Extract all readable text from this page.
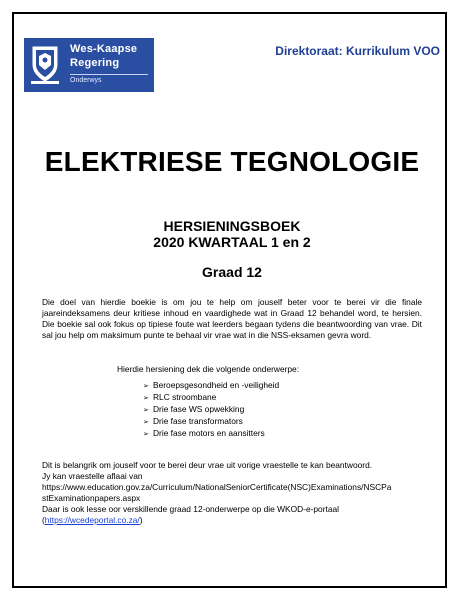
Wes-Kaapse
Regering
Onderwys
Direktoraat: Kurrikulum VOO
ELEKTRIESE TEGNOLOGIE
HERSIENINGSBOEK
2020 KWARTAAL 1 en 2
Graad 12

Die doel van hierdie boekie is om jou te help om jouself beter voor te berei vir die finale jaareindeksamens deur kritiese inhoud en vaardighede wat in Graad 12 behandel word, te hersien. Die boekie sal ook fokus op tipiese foute wat leerders begaan tydens die beantwoording van vrae. Dit sal jou help om maksimum punte te behaal vir vrae wat in die NSS-eksamen gevra word.

Hierdie hersiening dek die volgende onderwerpe:

➢ Beroepsgesondheid en -veiligheid
➢ RLC stroombane
➢ Drie fase WS opwekking
➢ Drie fase transformators
➢ Drie fase motors en aansitters
Dit is belangrik om jouself voor te berei deur vrae uit vorige vraestelle te kan beantwoord.
Jy kan vraestelle aflaai van
https://www.education.gov.za/Curriculum/NationalSeniorCertificate(NSC)Examinations/NSCPa
stExaminationpapers.aspx
Daar is ook lesse oor verskillende graad 12-onderwerpe op die WKOD-e-portaal
(https://wcedeportal.co.za/)
